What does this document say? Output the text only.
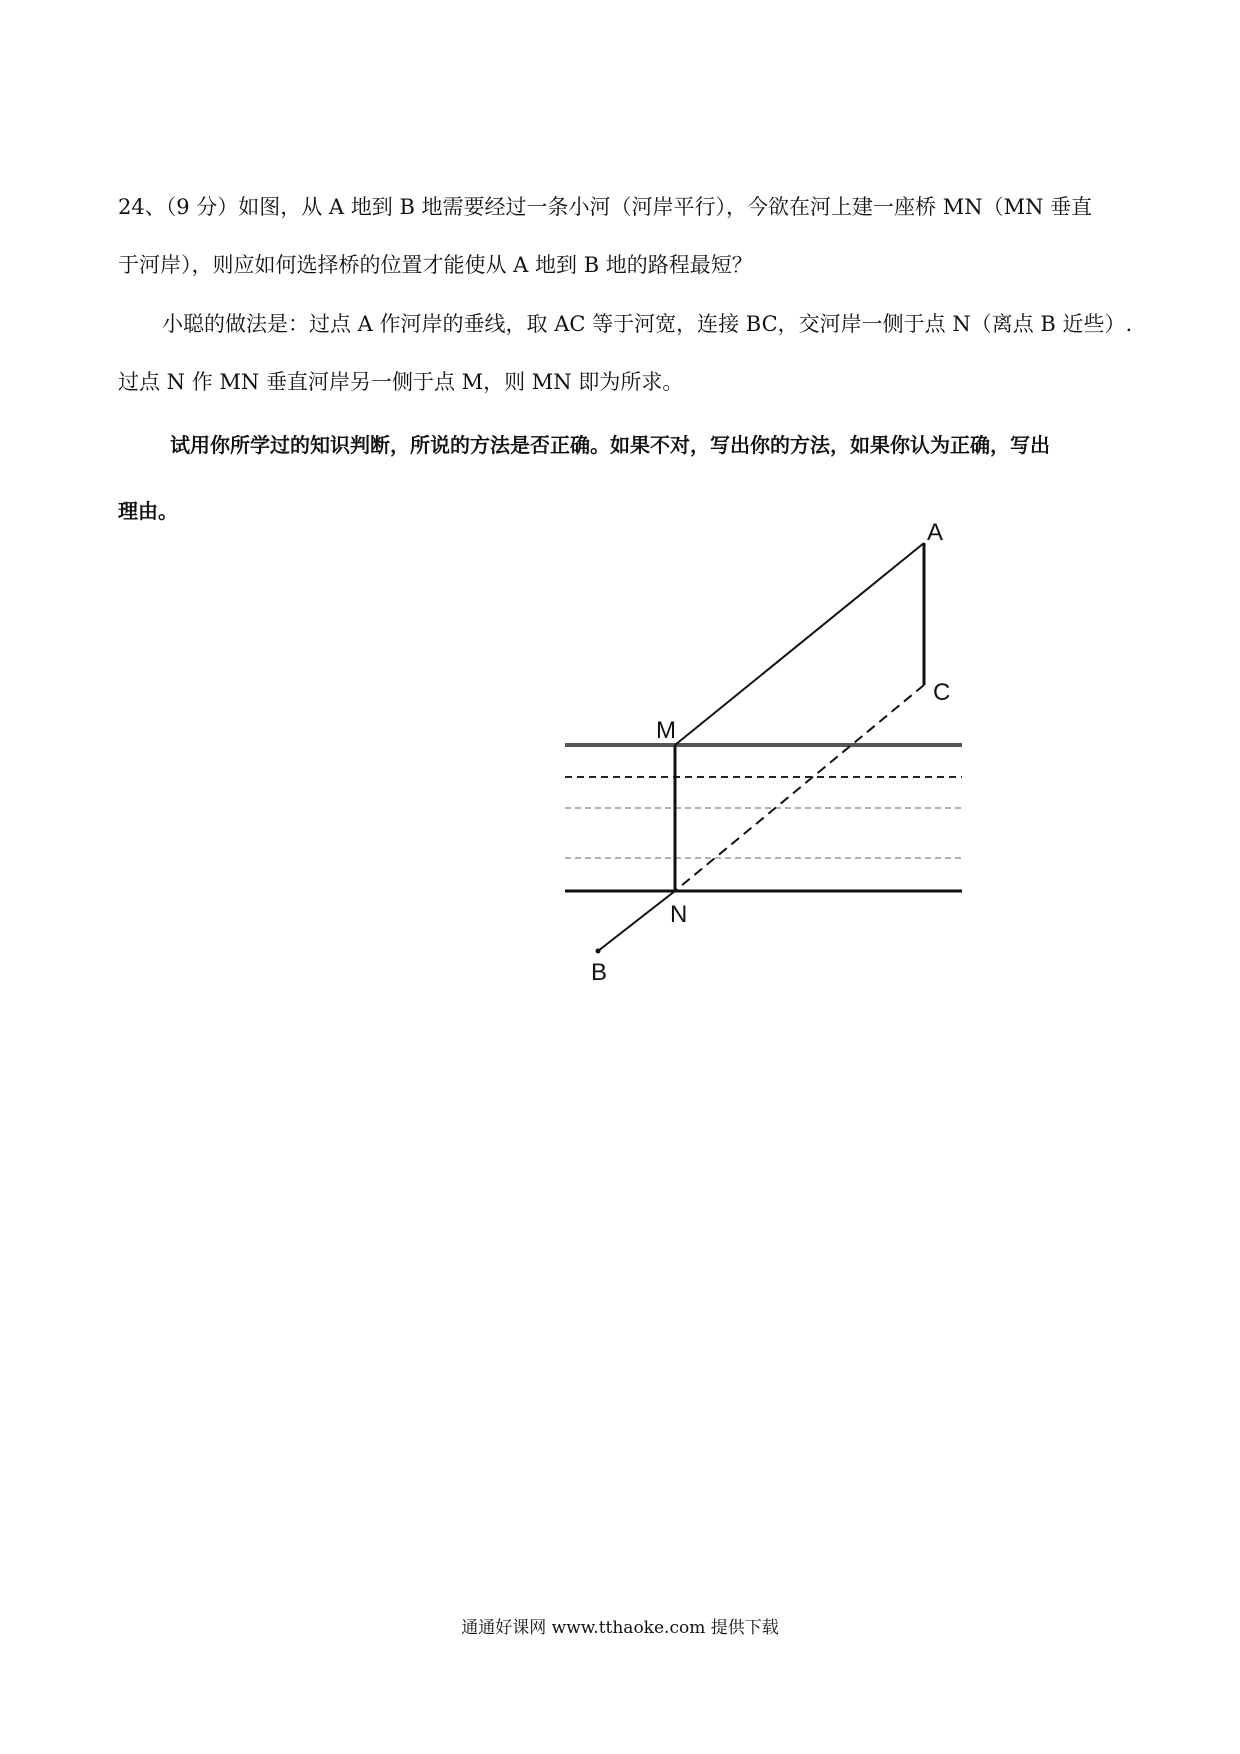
24、（9 分）如图，从 A 地到 B 地需要经过一条小河（河岸平行），今欲在河上建一座桥 MN（MN 垂直
于河岸），则应如何选择桥的位置才能使从 A 地到 B 地的路程最短？
小聪的做法是：过点 A 作河岸的垂线，取 AC 等于河宽，连接 BC，交河岸一侧于点 N（离点 B 近些）.
过点 N 作 MN 垂直河岸另一侧于点 M，则 MN 即为所求。
试用你所学过的知识判断，所说的方法是否正确。如果不对，写出你的方法，如果你认为正确，写出
理由。
A
C
M
N
B
通通好课网 www.tthaoke.com 提供下载
